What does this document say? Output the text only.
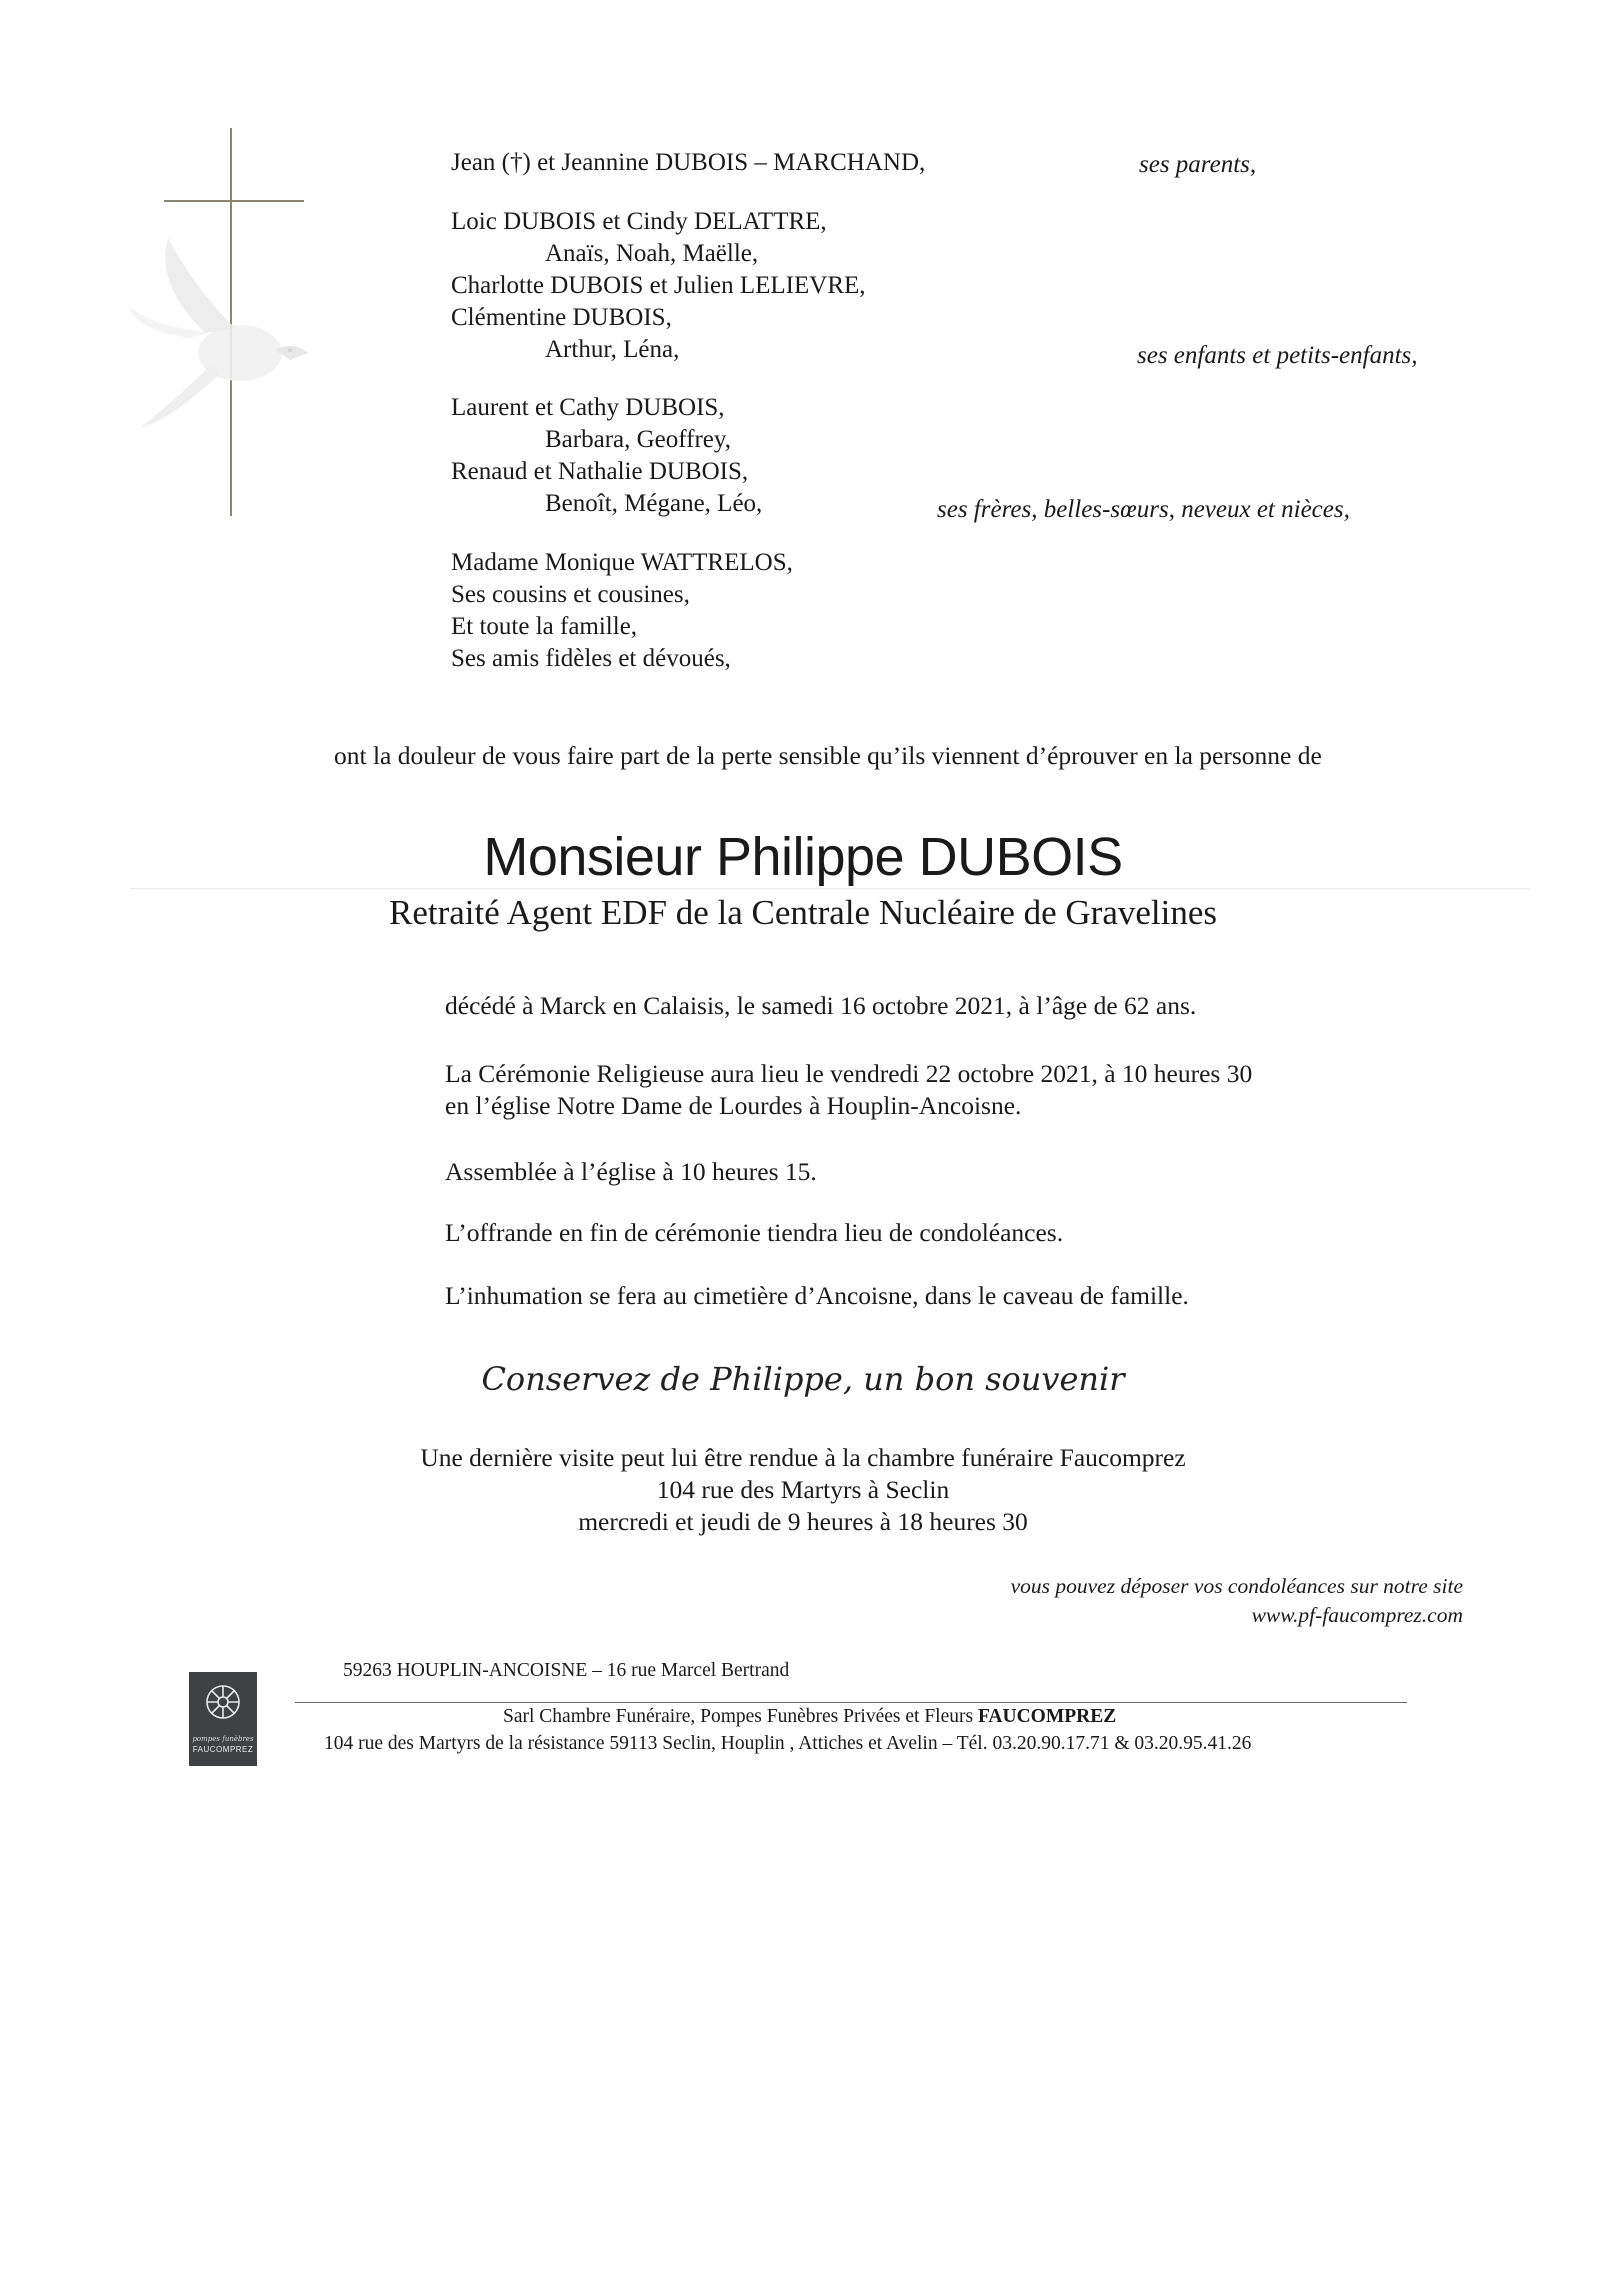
Jean (†) et Jeannine DUBOIS – MARCHAND,	ses parents,
Loic DUBOIS et Cindy DELATTRE,
Anaïs, Noah, Maëlle,
Charlotte DUBOIS et Julien LELIEVRE,
Clémentine DUBOIS,
Arthur, Léna,	ses enfants et petits-enfants,
Laurent et Cathy DUBOIS,
Barbara, Geoffrey,
Renaud et Nathalie DUBOIS,
Benoît, Mégane, Léo,	ses frères, belles-sœurs, neveux et nièces,
Madame Monique WATTRELOS,
Ses cousins et cousines,
Et toute la famille,
Ses amis fidèles et dévoués,
ont la douleur de vous faire part de la perte sensible qu’ils viennent d’éprouver en la personne de
Monsieur Philippe DUBOIS
Retraité Agent EDF de la Centrale Nucléaire de Gravelines
décédé à Marck en Calaisis, le samedi 16 octobre 2021, à l’âge de 62 ans.
La Cérémonie Religieuse aura lieu le vendredi 22 octobre 2021, à 10 heures 30
en l’église Notre Dame de Lourdes à Houplin-Ancoisne.
Assemblée à l’église à 10 heures 15.
L’offrande en fin de cérémonie tiendra lieu de condoléances.
L’inhumation se fera au cimetière d’Ancoisne, dans le caveau de famille.
Conservez de Philippe, un bon souvenir
Une dernière visite peut lui être rendue à la chambre funéraire Faucomprez
104 rue des Martyrs à Seclin
mercredi et jeudi de 9 heures à 18 heures 30
vous pouvez déposer vos condoléances sur notre site
www.pf-faucomprez.com
pompes funèbres
FAUCOMPREZ
59263 HOUPLIN-ANCOISNE – 16 rue Marcel Bertrand
Sarl Chambre Funéraire, Pompes Funèbres Privées et Fleurs FAUCOMPREZ
104 rue des Martyrs de la résistance 59113 Seclin, Houplin , Attiches et Avelin – Tél. 03.20.90.17.71 & 03.20.95.41.26
